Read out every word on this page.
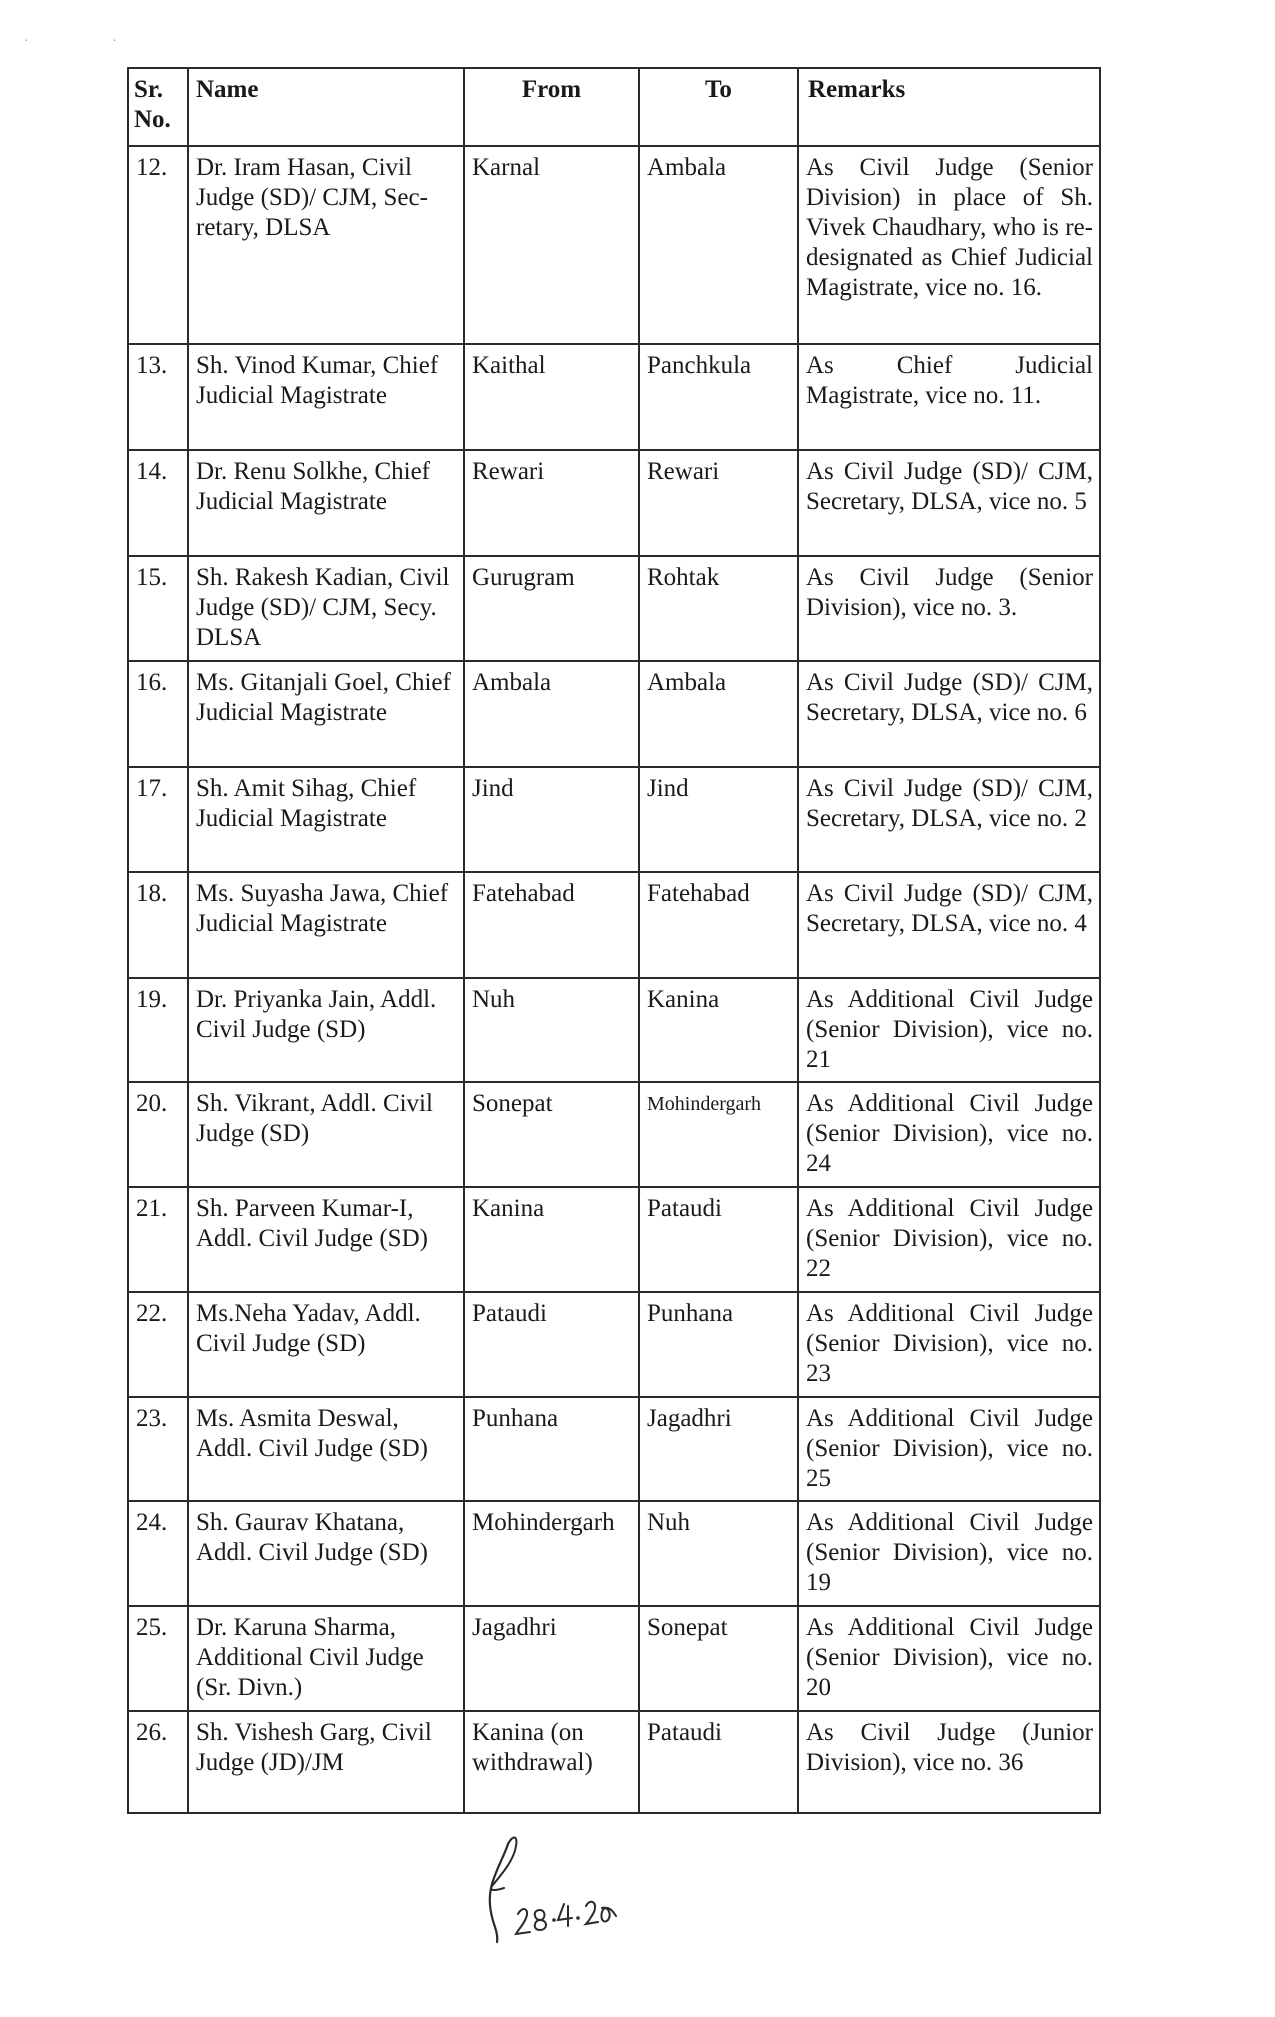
· ·
Sr. No.	Name	From	To	Remarks
12.	Dr. Iram Hasan, Civil Judge (SD)/ CJM, Sec-retary, DLSA	Karnal	Ambala	As Civil Judge (Senior Division) in place of Sh. Vivek Chaudhary, who is re-designated as Chief Judicial Magistrate, vice no. 16.
13.	Sh. Vinod Kumar, Chief Judicial Magistrate	Kaithal	Panchkula	As Chief Judicial Magistrate, vice no. 11.
14.	Dr. Renu Solkhe, Chief Judicial Magistrate	Rewari	Rewari	As Civil Judge (SD)/ CJM, Secretary, DLSA, vice no. 5
15.	Sh. Rakesh Kadian, Civil Judge (SD)/ CJM, Secy. DLSA	Gurugram	Rohtak	As Civil Judge (Senior Division), vice no. 3.
16.	Ms. Gitanjali Goel, Chief Judicial Magistrate	Ambala	Ambala	As Civil Judge (SD)/ CJM, Secretary, DLSA, vice no. 6
17.	Sh. Amit Sihag, Chief Judicial Magistrate	Jind	Jind	As Civil Judge (SD)/ CJM, Secretary, DLSA, vice no. 2
18.	Ms. Suyasha Jawa, Chief Judicial Magistrate	Fatehabad	Fatehabad	As Civil Judge (SD)/ CJM, Secretary, DLSA, vice no. 4
19.	Dr. Priyanka Jain, Addl. Civil Judge (SD)	Nuh	Kanina	As Additional Civil Judge (Senior Division), vice no. 21
20.	Sh. Vikrant, Addl. Civil Judge (SD)	Sonepat	Mohindergarh	As Additional Civil Judge (Senior Division), vice no. 24
21.	Sh. Parveen Kumar-I, Addl. Civil Judge (SD)	Kanina	Pataudi	As Additional Civil Judge (Senior Division), vice no. 22
22.	Ms.Neha Yadav, Addl. Civil Judge (SD)	Pataudi	Punhana	As Additional Civil Judge (Senior Division), vice no. 23
23.	Ms. Asmita Deswal, Addl. Civil Judge (SD)	Punhana	Jagadhri	As Additional Civil Judge (Senior Division), vice no. 25
24.	Sh. Gaurav Khatana, Addl. Civil Judge (SD)	Mohindergarh	Nuh	As Additional Civil Judge (Senior Division), vice no. 19
25.	Dr. Karuna Sharma, Additional Civil Judge (Sr. Divn.)	Jagadhri	Sonepat	As Additional Civil Judge (Senior Division), vice no. 20
26.	Sh. Vishesh Garg, Civil Judge (JD)/JM	Kanina (on withdrawal)	Pataudi	As Civil Judge (Junior Division), vice no. 36
